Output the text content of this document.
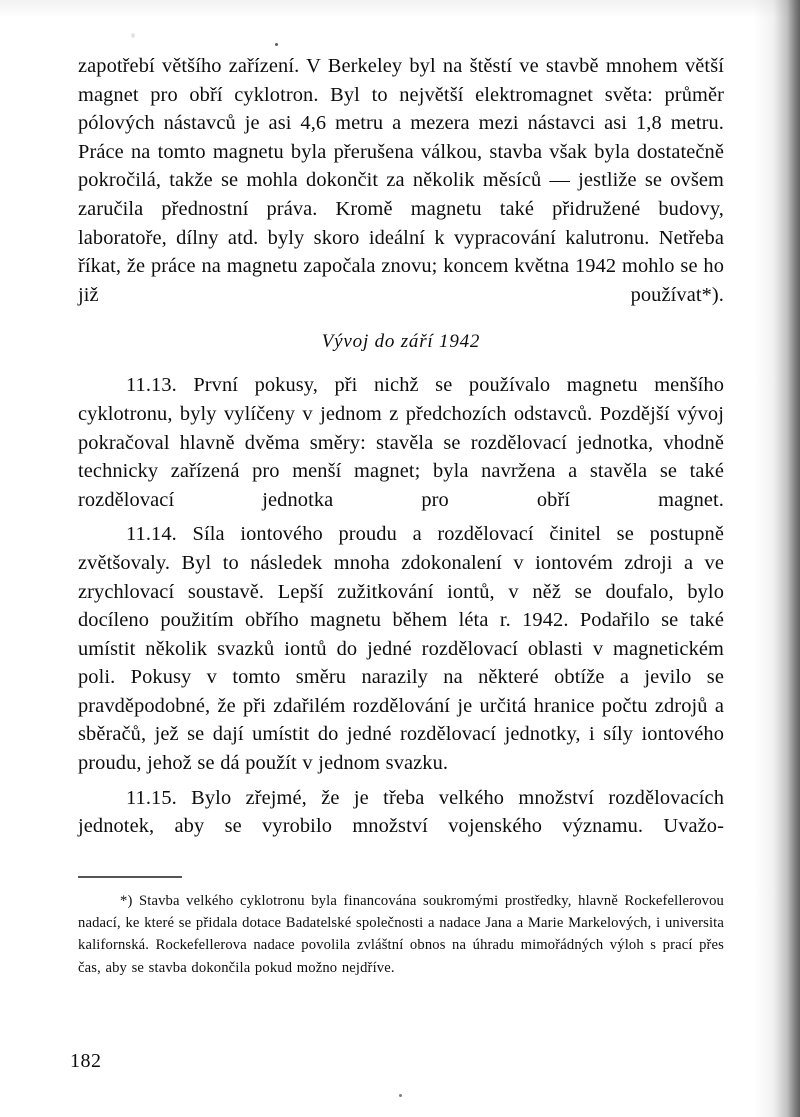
zapotřebí většího zařízení. V Berkeley byl na štěstí ve stavbě mnohem větší magnet pro obří cyklotron. Byl to největší elektromagnet světa: průměr pólových nástavců je asi 4,6 metru a mezera mezi nástavci asi 1,8 metru. Práce na tomto magnetu byla přerušena válkou, stavba však byla dostatečně pokročilá, takže se mohla dokončit za několik měsíců — jestliže se ovšem zaručila přednostní práva. Kromě magnetu také přidružené budovy, laboratoře, dílny atd. byly skoro ideální k vypracování kalutronu. Netřeba říkat, že práce na magnetu započala znovu; koncem května 1942 mohlo se ho již používat*).

Vývoj do září 1942

11.13. První pokusy, při nichž se používalo magnetu menšího cyklotronu, byly vylíčeny v jednom z předchozích odstavců. Pozdější vývoj pokračoval hlavně dvěma směry: stavěla se rozdělovací jednotka, vhodně technicky zařízená pro menší magnet; byla navržena a stavěla se také rozdělovací jednotka pro obří magnet.

11.14. Síla iontového proudu a rozdělovací činitel se postupně zvětšovaly. Byl to následek mnoha zdokonalení v iontovém zdroji a ve zrychlovací soustavě. Lepší zužitkování iontů, v něž se doufalo, bylo docíleno použitím obřího magnetu během léta r. 1942. Podařilo se také umístit několik svazků iontů do jedné rozdělovací oblasti v magnetickém poli. Pokusy v tomto směru narazily na některé obtíže a jevilo se pravděpodobné, že při zdařilém rozdělování je určitá hranice počtu zdrojů a sběračů, jež se dají umístit do jedné rozdělovací jednotky, i síly iontového proudu, jehož se dá použít v jednom svazku.

11.15. Bylo zřejmé, že je třeba velkého množství rozdělovacích jednotek, aby se vyrobilo množství vojenského významu. Uvažo-

*) Stavba velkého cyklotronu byla financována soukromými prostředky, hlavně Rockefellerovou nadací, ke které se přidala dotace Badatelské společnosti a nadace Jana a Marie Markelových, i universita kalifornská. Rockefellerova nadace povolila zvláštní obnos na úhradu mimořádných výloh s prací přes čas, aby se stavba dokončila pokud možno nejdříve.

182
